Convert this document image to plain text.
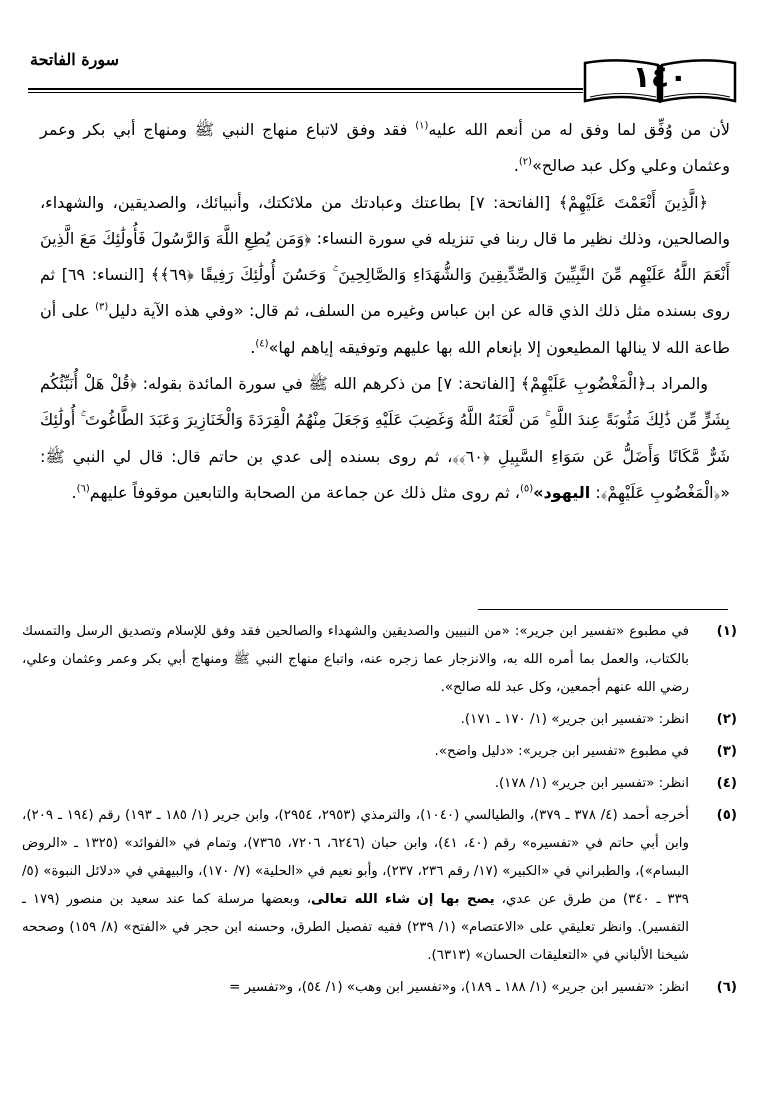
سورة الفاتحة
١٤٠

لأن من وُفِّق لما وفق له من أنعم الله عليه$^{(١)}$ فقد وفق لاتباع منهاج النبي ﷺ ومنهاج أبي بكر وعمر وعثمان وعلي وكل عبد صالح»$^{(٢)}$.

﴿الَّذِينَ أَنْعَمْتَ عَلَيْهِمْ﴾ [الفاتحة: ٧] بطاعتك وعبادتك من ملائكتك، وأنبيائك، والصديقين، والشهداء، والصالحين، وذلك نظير ما قال ربنا في تنزيله في سورة النساء: ﴿وَمَن يُطِعِ اللَّهَ وَالرَّسُولَ فَأُولَٰئِكَ مَعَ الَّذِينَ أَنْعَمَ اللَّهُ عَلَيْهِم مِّنَ النَّبِيِّينَ وَالصِّدِّيقِينَ وَالشُّهَدَاءِ وَالصَّالِحِينَ ۚ وَحَسُنَ أُولَٰئِكَ رَفِيقًا ﴿٦٩﴾﴾ [النساء: ٦٩] ثم روى بسنده مثل ذلك الذي قاله عن ابن عباس وغيره من السلف، ثم قال: «وفي هذه الآية دليل$^{(٣)}$ على أن طاعة الله لا ينالها المطيعون إلا بإنعام الله بها عليهم وتوفيقه إياهم لها»$^{(٤)}$.

والمراد بـ﴿الْمَغْضُوبِ عَلَيْهِمْ﴾ [الفاتحة: ٧] من ذكرهم الله ﷺ في سورة المائدة بقوله: ﴿قُلْ هَلْ أُنَبِّئُكُم بِشَرٍّ مِّن ذَٰلِكَ مَثُوبَةً عِندَ اللَّهِ ۚ مَن لَّعَنَهُ اللَّهُ وَغَضِبَ عَلَيْهِ وَجَعَلَ مِنْهُمُ الْقِرَدَةَ وَالْخَنَازِيرَ وَعَبَدَ الطَّاغُوتَ ۚ أُولَٰئِكَ شَرٌّ مَّكَانًا وَأَضَلُّ عَن سَوَاءِ السَّبِيلِ ﴿٦٠﴾﴾، ثم روى بسنده إلى عدي بن حاتم قال: قال لي النبي ﷺ: «﴿الْمَغْضُوبِ عَلَيْهِمْ﴾: اليهود»$^{(٥)}$، ثم روى مثل ذلك عن جماعة من الصحابة والتابعين موقوفاً عليهم$^{(٦)}$.

(١)
في مطبوع «تفسير ابن جرير»: «من النبيين والصديقين والشهداء والصالحين فقد وفق للإسلام وتصديق الرسل والتمسك بالكتاب، والعمل بما أمره الله به، والانزجار عما زجره عنه، واتباع منهاج النبي ﷺ ومنهاج أبي بكر وعمر وعثمان وعلي، رضي الله عنهم أجمعين، وكل عبد لله صالح».
(٢)
انظر: «تفسير ابن جرير» (١/ ١٧٠ ـ ١٧١).
(٣)
في مطبوع «تفسير ابن جرير»: «دليل واضح».
(٤)
انظر: «تفسير ابن جرير» (١/ ١٧٨).
(٥)
أخرجه أحمد (٤/ ٣٧٨ ـ ٣٧٩)، والطيالسي (١٠٤٠)، والترمذي (٢٩٥٣، ٢٩٥٤)، وابن جرير (١/ ١٨٥ ـ ١٩٣) رقم (١٩٤ ـ ٢٠٩)، وابن أبي حاتم في «تفسيره» رقم (٤٠، ٤١)، وابن حبان (٦٢٤٦، ٧٢٠٦، ٧٣٦٥)، وتمام في «الفوائد» (١٣٢٥ ـ «الروض البسام»)، والطبراني في «الكبير» (١٧/ رقم ٢٣٦، ٢٣٧)، وأبو نعيم في «الحلية» (٧/ ١٧٠)، والبيهقي في «دلائل النبوة» (٥/ ٣٣٩ ـ ٣٤٠) من طرق عن عدي، يصح بها إن شاء الله تعالى، وبعضها مرسلة كما عند سعيد بن منصور (١٧٩ ـ التفسير). وانظر تعليقي على «الاعتصام» (١/ ٢٣٩) ففيه تفصيل الطرق، وحسنه ابن حجر في «الفتح» (٨/ ١٥٩) وصححه شيخنا الألباني في «التعليقات الحسان» (٦٣١٣).
(٦)
انظر: «تفسير ابن جرير» (١/ ١٨٨ ـ ١٨٩)، و«تفسير ابن وهب» (١/ ٥٤)، و«تفسير =
